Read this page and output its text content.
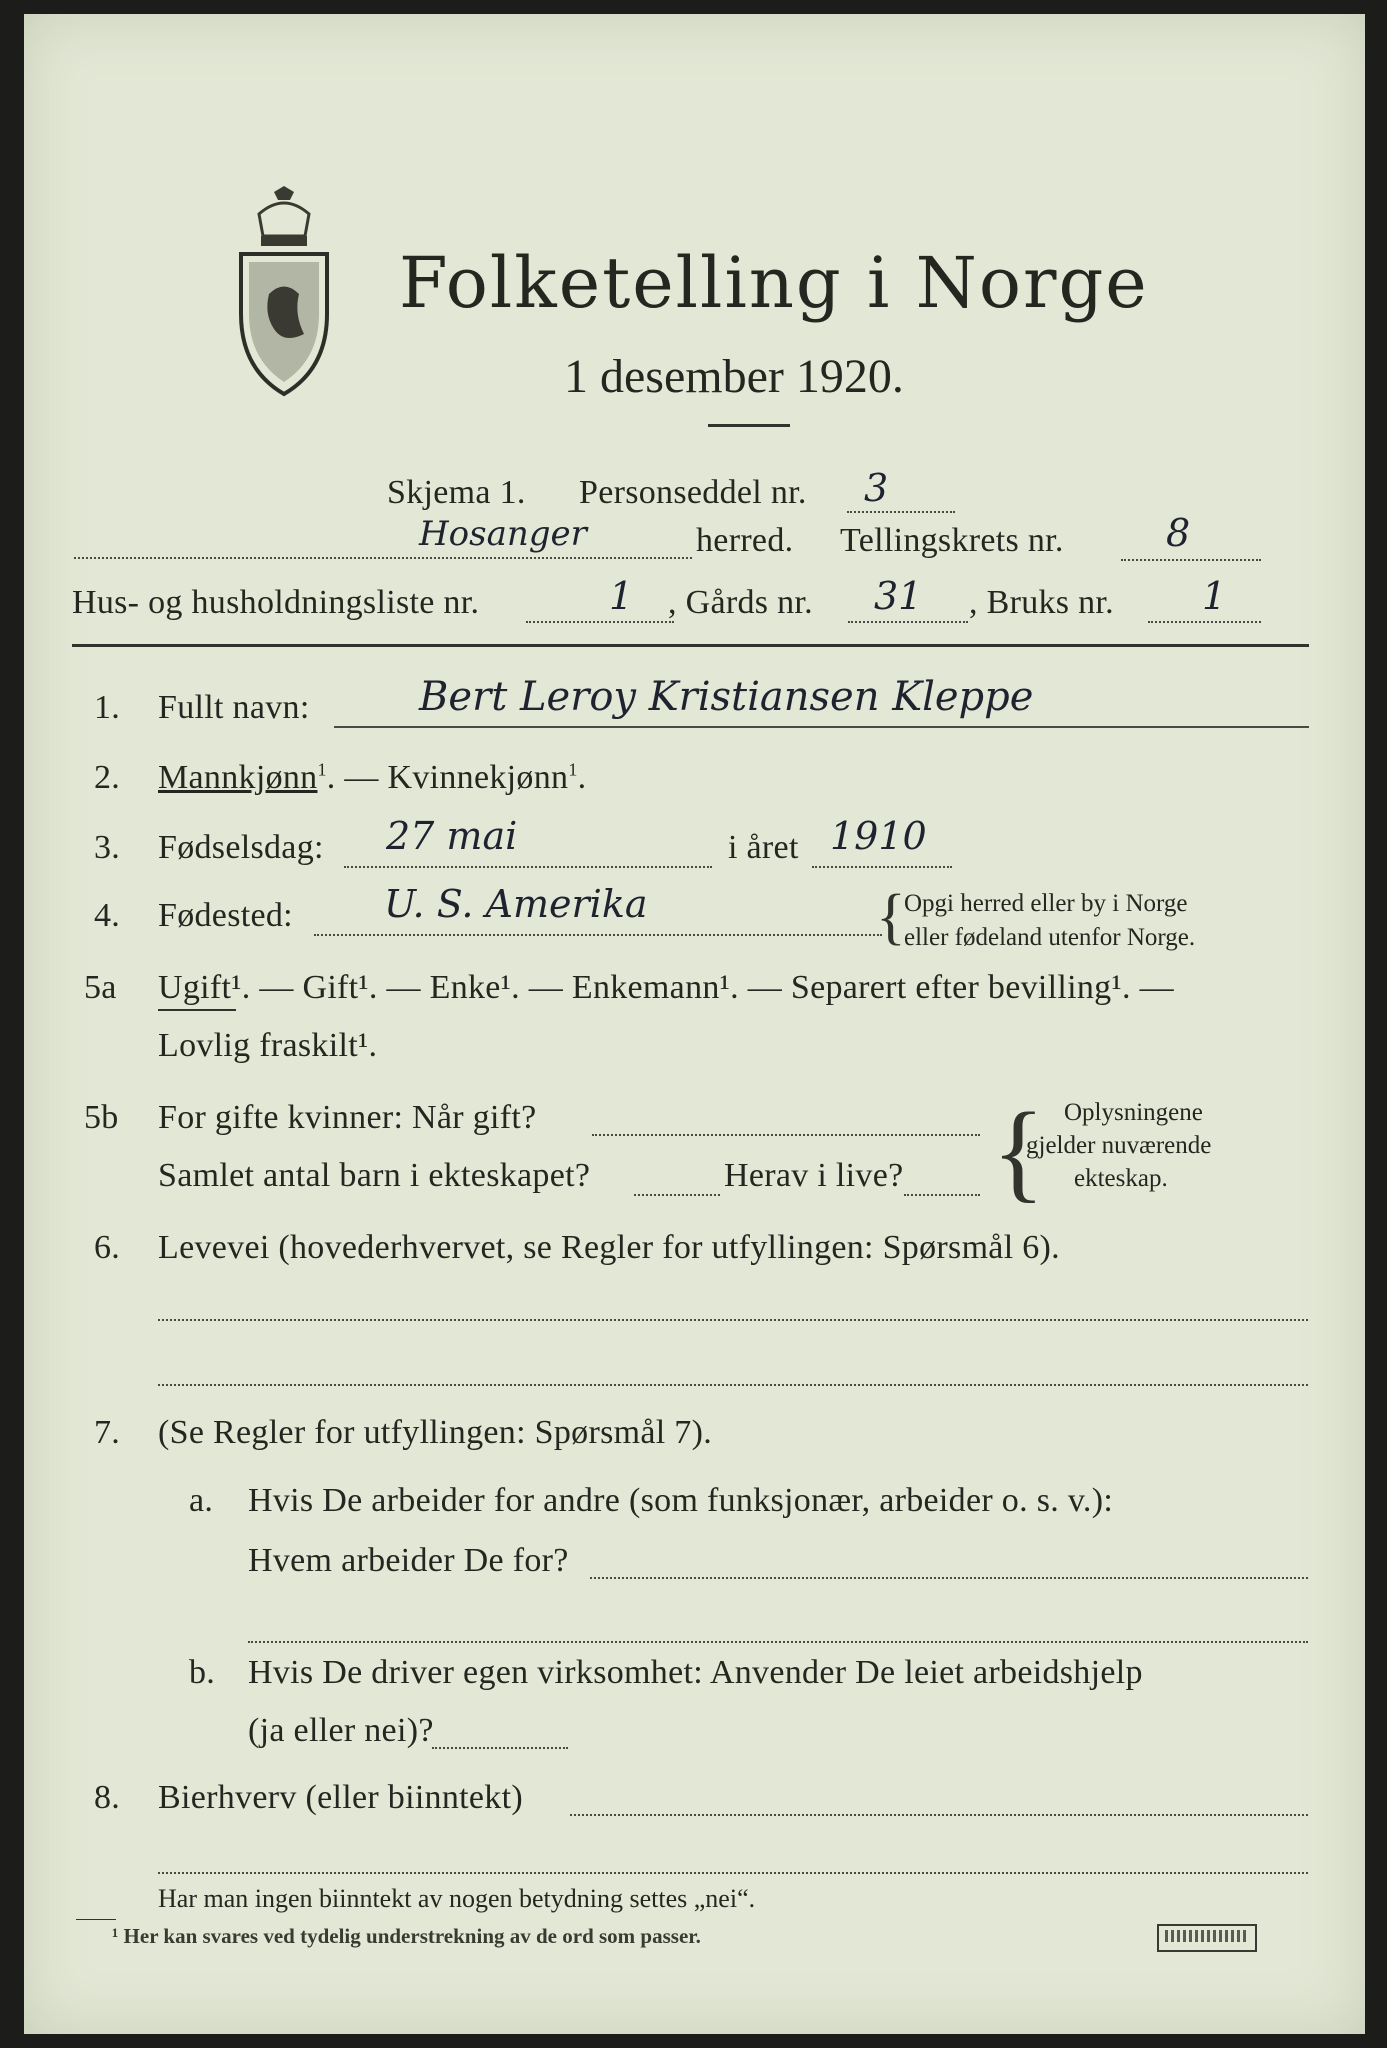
Folketelling i Norge
1 desember 1920.
Skjema 1. Personseddel nr. 3
Hosanger	herred. Tellingskrets nr.	8
Hus- og husholdningsliste nr.	1 , Gårds nr. 31 , Bruks nr. 1
1. Fullt navn:	Bert Leroy Kristiansen Kleppe
2. Mannkjønn$^1$. — Kvinnekjønn$^1$.
3. Fødselsdag: 27 mai	i året 1910
4. Fødested: U. S. Amerika	{
Opgi herred eller by i Norge
eller fødeland utenfor Norge.
5a Ugift¹. — Gift¹. — Enke¹. — Enkemann¹. — Separert efter bevilling¹. —
Lovlig fraskilt¹.
5b For gifte kvinner: Når gift?
Samlet antal barn i ekteskapet?	Herav i live? { Oplysningene
gjelder nuværende
ekteskap.
6. Levevei (hovederhvervet, se Regler for utfyllingen: Spørsmål 6).
7. (Se Regler for utfyllingen: Spørsmål 7).
a. Hvis De arbeider for andre (som funksjonær, arbeider o. s. v.):
Hvem arbeider De for?
b. Hvis De driver egen virksomhet: Anvender De leiet arbeidshjelp
(ja eller nei)?
8. Bierhverv (eller biinntekt)
Har man ingen biinntekt av nogen betydning settes „nei“.
¹ Her kan svares ved tydelig understrekning av de ord som passer.
